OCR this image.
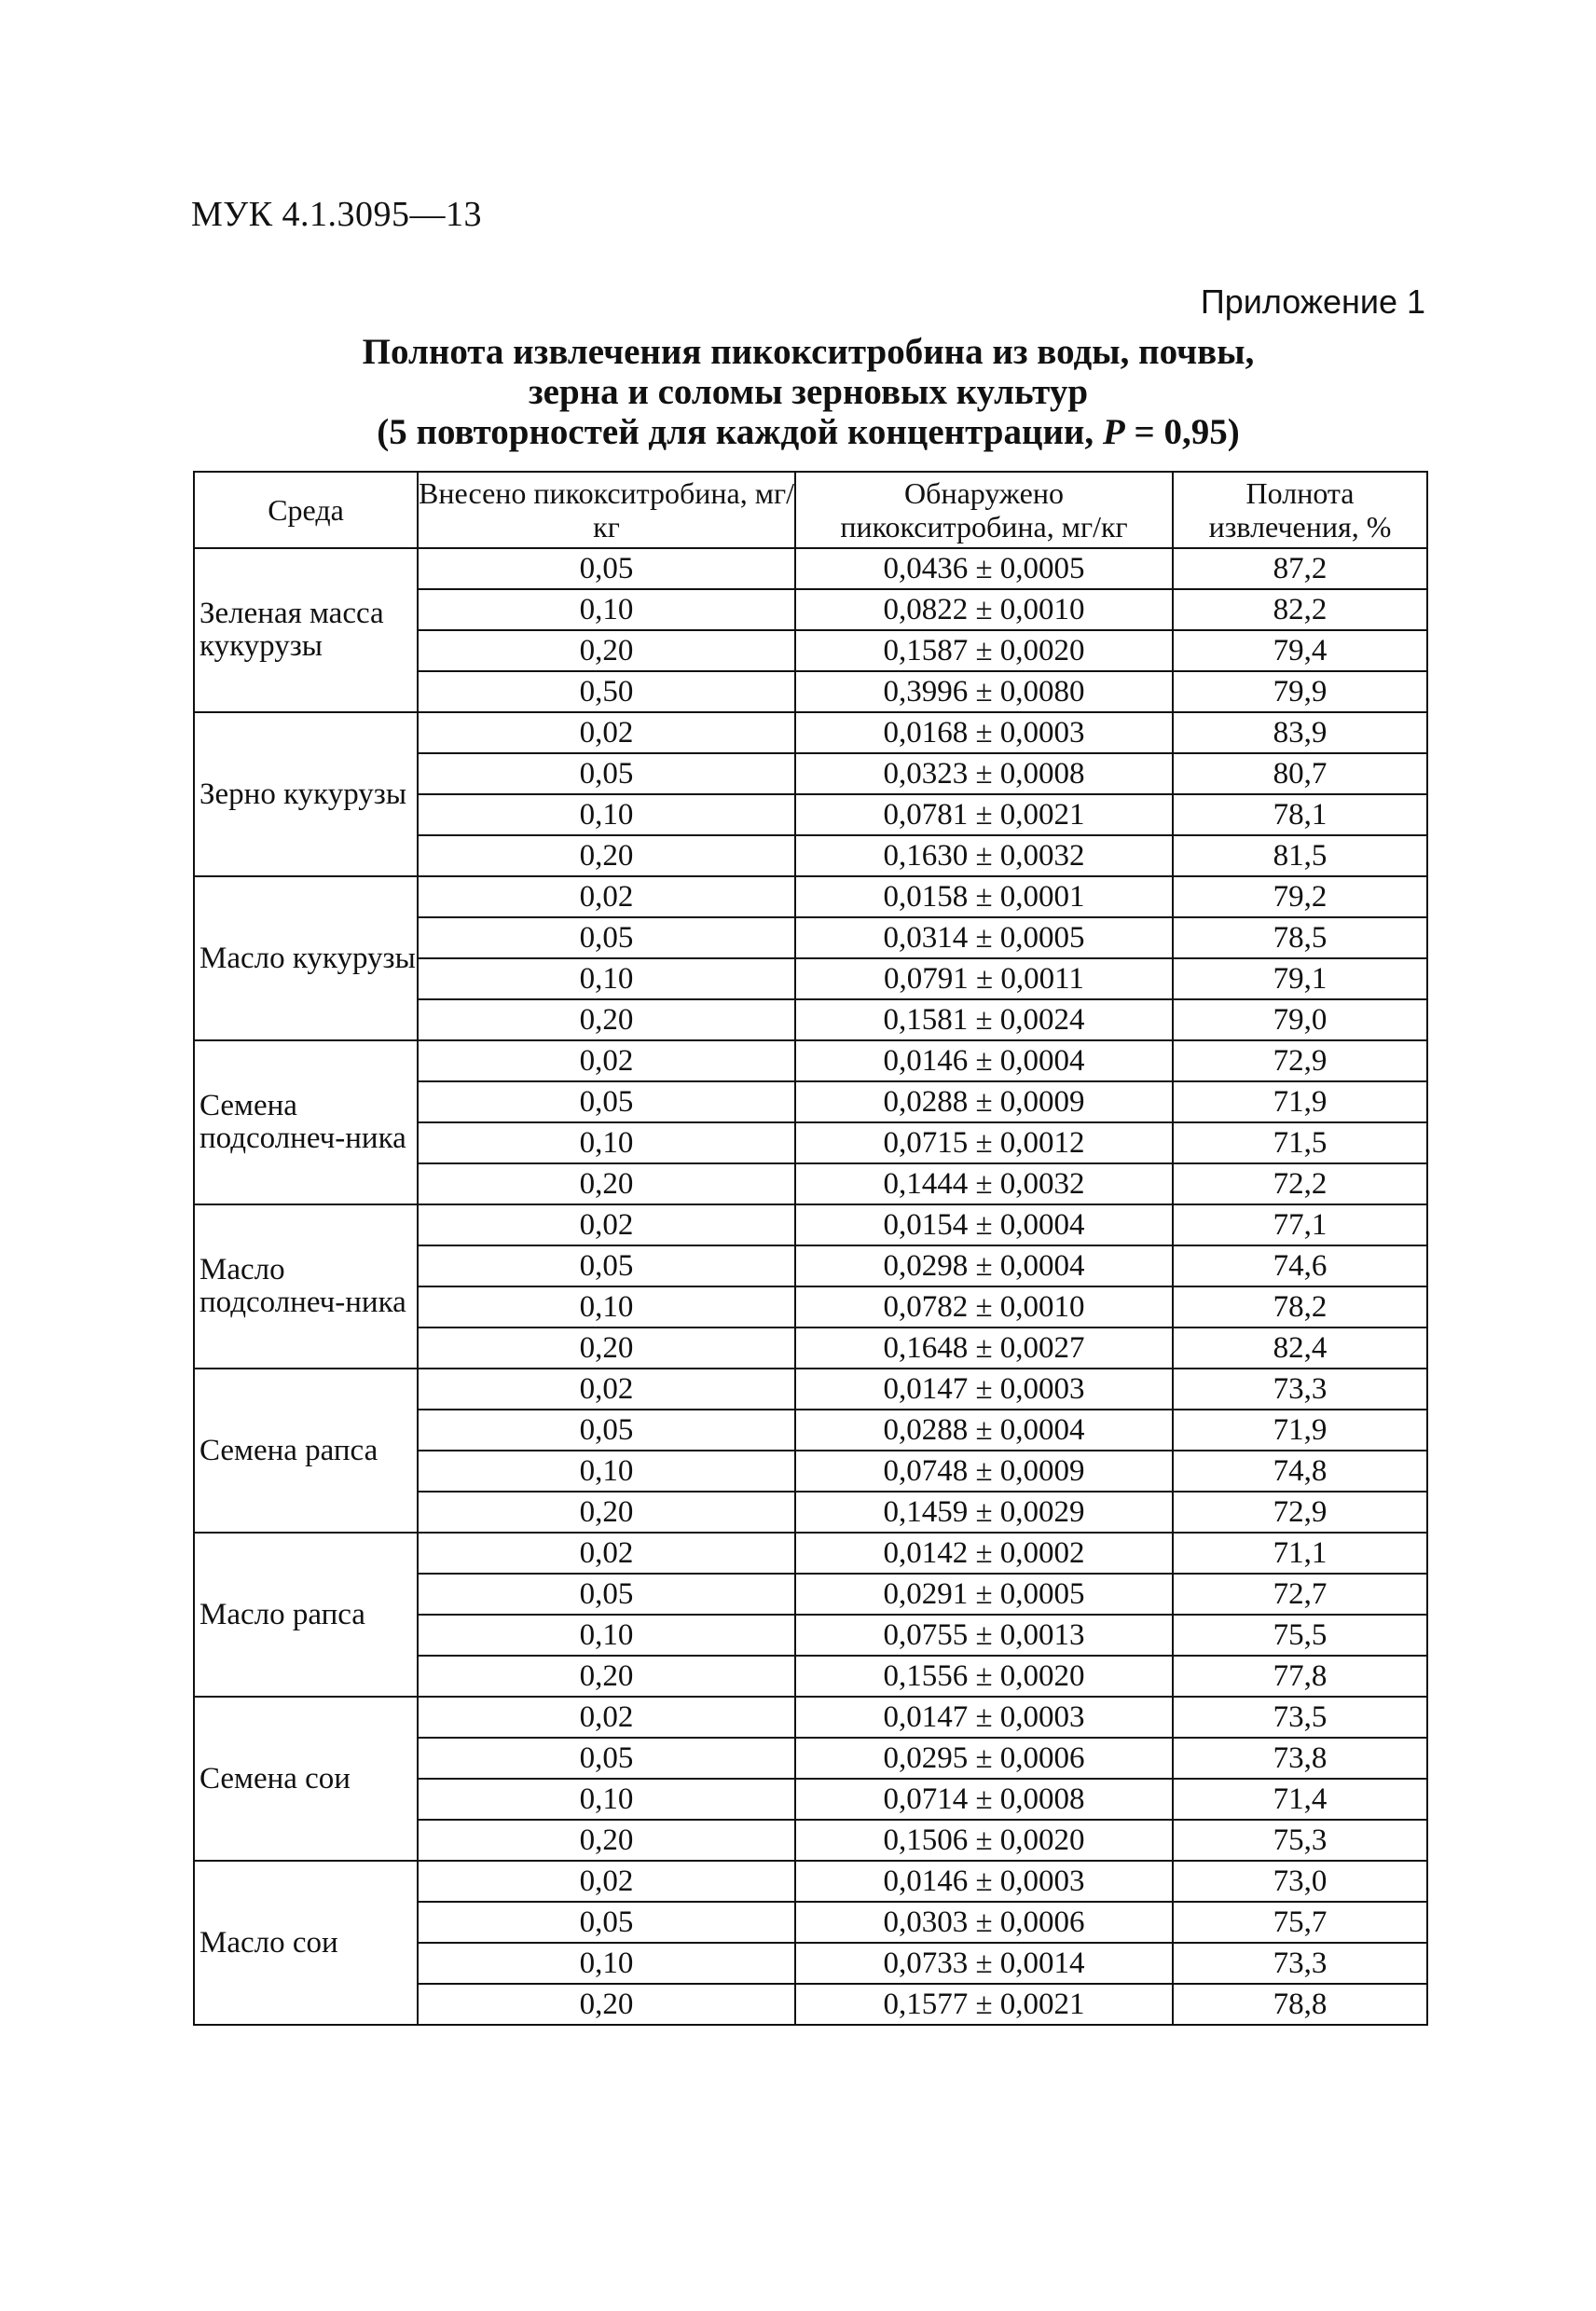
МУК 4.1.3095—13
Приложение 1
Полнота извлечения пикокситробина из воды, почвы,
зерна и соломы зерновых культур
(5 повторностей для каждой концентрации, P = 0,95)
Среда	Внесено пикокситробина, мг/кг	Обнаружено пикокситробина, мг/кг	Полнота извлечения, %
Зеленая масса кукурузы	0,05	0,0436 ± 0,0005	87,2
	0,10	0,0822 ± 0,0010	82,2
	0,20	0,1587 ± 0,0020	79,4
	0,50	0,3996 ± 0,0080	79,9
Зерно кукурузы	0,02	0,0168 ± 0,0003	83,9
	0,05	0,0323 ± 0,0008	80,7
	0,10	0,0781 ± 0,0021	78,1
	0,20	0,1630 ± 0,0032	81,5
Масло кукурузы	0,02	0,0158 ± 0,0001	79,2
	0,05	0,0314 ± 0,0005	78,5
	0,10	0,0791 ± 0,0011	79,1
	0,20	0,1581 ± 0,0024	79,0
Семена подсолнеч-ника	0,02	0,0146 ± 0,0004	72,9
	0,05	0,0288 ± 0,0009	71,9
	0,10	0,0715 ± 0,0012	71,5
	0,20	0,1444 ± 0,0032	72,2
Масло подсолнеч-ника	0,02	0,0154 ± 0,0004	77,1
	0,05	0,0298 ± 0,0004	74,6
	0,10	0,0782 ± 0,0010	78,2
	0,20	0,1648 ± 0,0027	82,4
Семена рапса	0,02	0,0147 ± 0,0003	73,3
	0,05	0,0288 ± 0,0004	71,9
	0,10	0,0748 ± 0,0009	74,8
	0,20	0,1459 ± 0,0029	72,9
Масло рапса	0,02	0,0142 ± 0,0002	71,1
	0,05	0,0291 ± 0,0005	72,7
	0,10	0,0755 ± 0,0013	75,5
	0,20	0,1556 ± 0,0020	77,8
Семена сои	0,02	0,0147 ± 0,0003	73,5
	0,05	0,0295 ± 0,0006	73,8
	0,10	0,0714 ± 0,0008	71,4
	0,20	0,1506 ± 0,0020	75,3
Масло сои	0,02	0,0146 ± 0,0003	73,0
	0,05	0,0303 ± 0,0006	75,7
	0,10	0,0733 ± 0,0014	73,3
	0,20	0,1577 ± 0,0021	78,8
